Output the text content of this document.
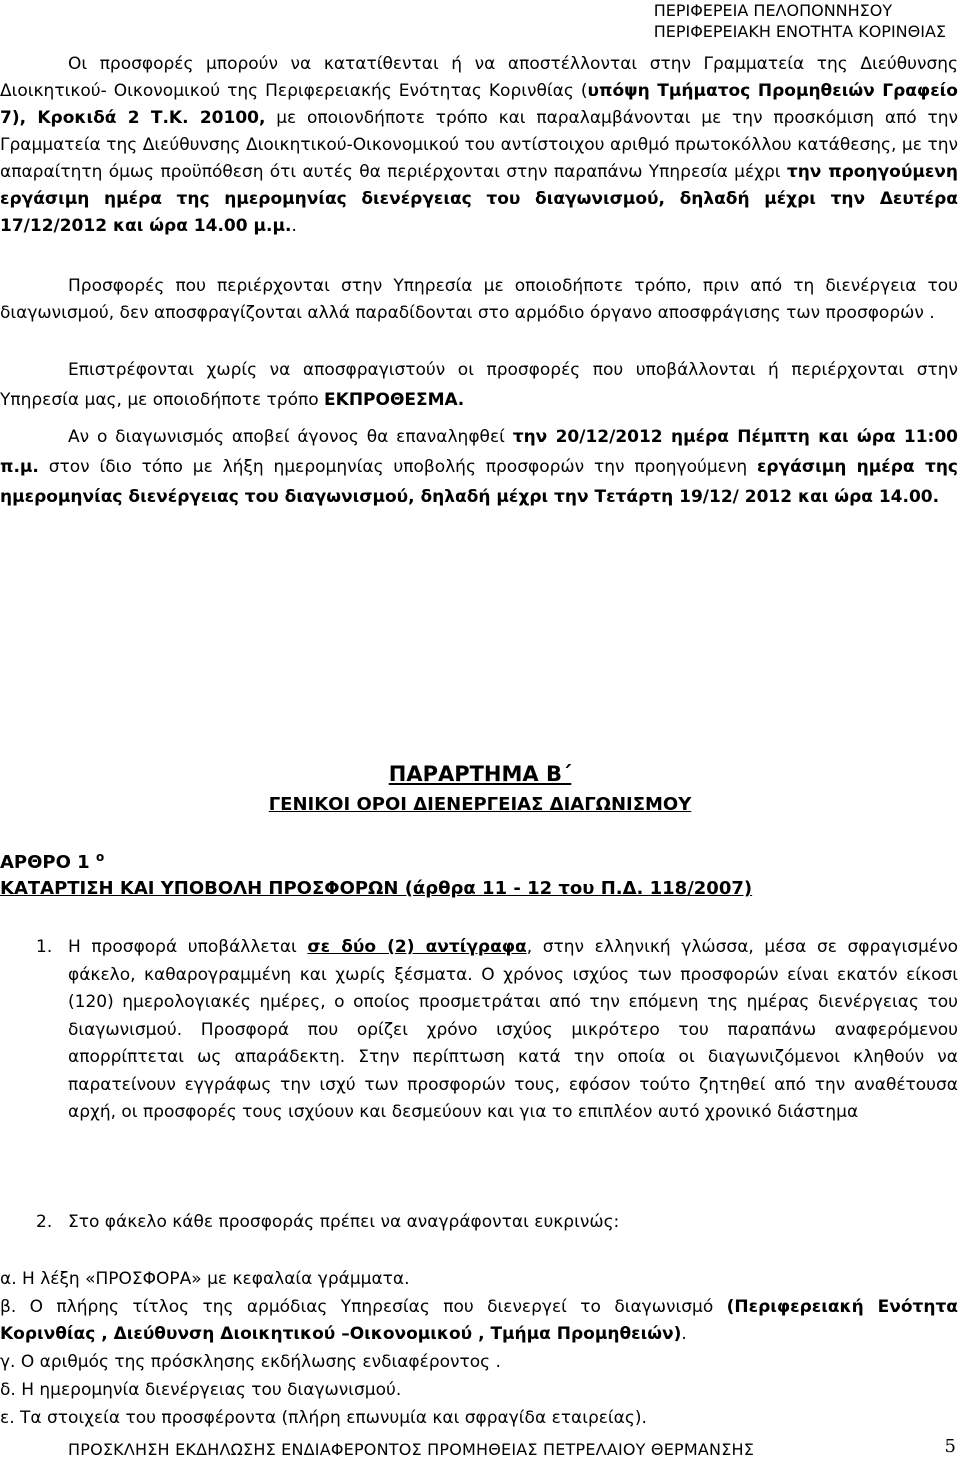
ΠΕΡΙΦΕΡΕΙΑ ΠΕΛΟΠΟΝΝΗΣΟΥ
ΠΕΡΙΦΕΡΕΙΑΚΗ ΕΝΟΤΗΤΑ ΚΟΡΙΝΘΙΑΣ

Οι προσφορές μπορούν να κατατίθενται ή να αποστέλλονται στην Γραμματεία της Διεύθυνσης Διοικητικού- Οικονομικού της Περιφερειακής Ενότητας Κορινθίας (υπόψη Τμήματος Προμηθειών Γραφείο 7), Κροκιδά 2 Τ.Κ. 20100, με οποιονδήποτε τρόπο και παραλαμβάνονται με την προσκόμιση από την Γραμματεία της Διεύθυνσης Διοικητικού-Οικονομικού του αντίστοιχου αριθμό πρωτοκόλλου κατάθεσης, με την απαραίτητη όμως προϋπόθεση ότι αυτές θα περιέρχονται στην παραπάνω Υπηρεσία μέχρι την προηγούμενη εργάσιμη ημέρα της ημερομηνίας διενέργειας του διαγωνισμού, δηλαδή μέχρι την Δευτέρα 17/12/2012 και ώρα 14.00 μ.μ..

Προσφορές που περιέρχονται στην Υπηρεσία με οποιοδήποτε τρόπο, πριν από τη διενέργεια του διαγωνισμού, δεν αποσφραγίζονται αλλά παραδίδονται στο αρμόδιο όργανο αποσφράγισης των προσφορών .

Επιστρέφονται χωρίς να αποσφραγιστούν οι προσφορές που υποβάλλονται ή περιέρχονται στην Υπηρεσία μας, με οποιοδήποτε τρόπο ΕΚΠΡΟΘΕΣΜΑ.

Αν ο διαγωνισμός αποβεί άγονος θα επαναληφθεί την 20/12/2012 ημέρα Πέμπτη και ώρα 11:00 π.μ. στον ίδιο τόπο με λήξη ημερομηνίας υποβολής προσφορών την προηγούμενη εργάσιμη ημέρα της ημερομηνίας διενέργειας του διαγωνισμού, δηλαδή μέχρι την Τετάρτη 19/12/ 2012 και ώρα 14.00.

ΠΑΡΑΡΤΗΜΑ Β΄
ΓΕΝΙΚΟΙ ΟΡΟΙ ΔΙΕΝΕΡΓΕΙΑΣ ΔΙΑΓΩΝΙΣΜΟΥ
ΑΡΘΡΟ 1 $^o$
ΚΑΤΑΡΤΙΣΗ ΚΑΙ ΥΠΟΒΟΛΗ ΠΡΟΣΦΟΡΩΝ (άρθρα 11 - 12 του Π.Δ. 118/2007)
1. Η προσφορά υποβάλλεται σε δύο (2) αντίγραφα, στην ελληνική γλώσσα, μέσα σε σφραγισμένο φάκελο, καθαρογραμμένη και χωρίς ξέσματα. Ο χρόνος ισχύος των προσφορών είναι εκατόν είκοσι (120) ημερολογιακές ημέρες, ο οποίος προσμετράται από την επόμενη της ημέρας διενέργειας του διαγωνισμού. Προσφορά που ορίζει χρόνο ισχύος μικρότερο του παραπάνω αναφερόμενου απορρίπτεται ως απαράδεκτη. Στην περίπτωση κατά την οποία οι διαγωνιζόμενοι κληθούν να παρατείνουν εγγράφως την ισχύ των προσφορών τους, εφόσον τούτο ζητηθεί από την αναθέτουσα αρχή, οι προσφορές τους ισχύουν και δεσμεύουν και για το επιπλέον αυτό χρονικό διάστημα
2. Στο φάκελο κάθε προσφοράς πρέπει να αναγράφονται ευκρινώς:
α. Η λέξη «ΠΡΟΣΦΟΡΑ» με κεφαλαία γράμματα.
β. Ο πλήρης τίτλος της αρμόδιας Υπηρεσίας που διενεργεί το διαγωνισμό (Περιφερειακή Ενότητα Κορινθίας , Διεύθυνση Διοικητικού –Οικονομικού , Τμήμα Προμηθειών).
γ. Ο αριθμός της πρόσκλησης εκδήλωσης ενδιαφέροντος .
δ. Η ημερομηνία διενέργειας του διαγωνισμού.
ε. Τα στοιχεία του προσφέροντα (πλήρη επωνυμία και σφραγίδα εταιρείας).
ΠΡΟΣΚΛΗΣΗ ΕΚΔΗΛΩΣΗΣ ΕΝΔΙΑΦΕΡΟΝΤΟΣ ΠΡΟΜΗΘΕΙΑΣ ΠΕΤΡΕΛΑΙΟΥ ΘΕΡΜΑΝΣΗΣ	5
